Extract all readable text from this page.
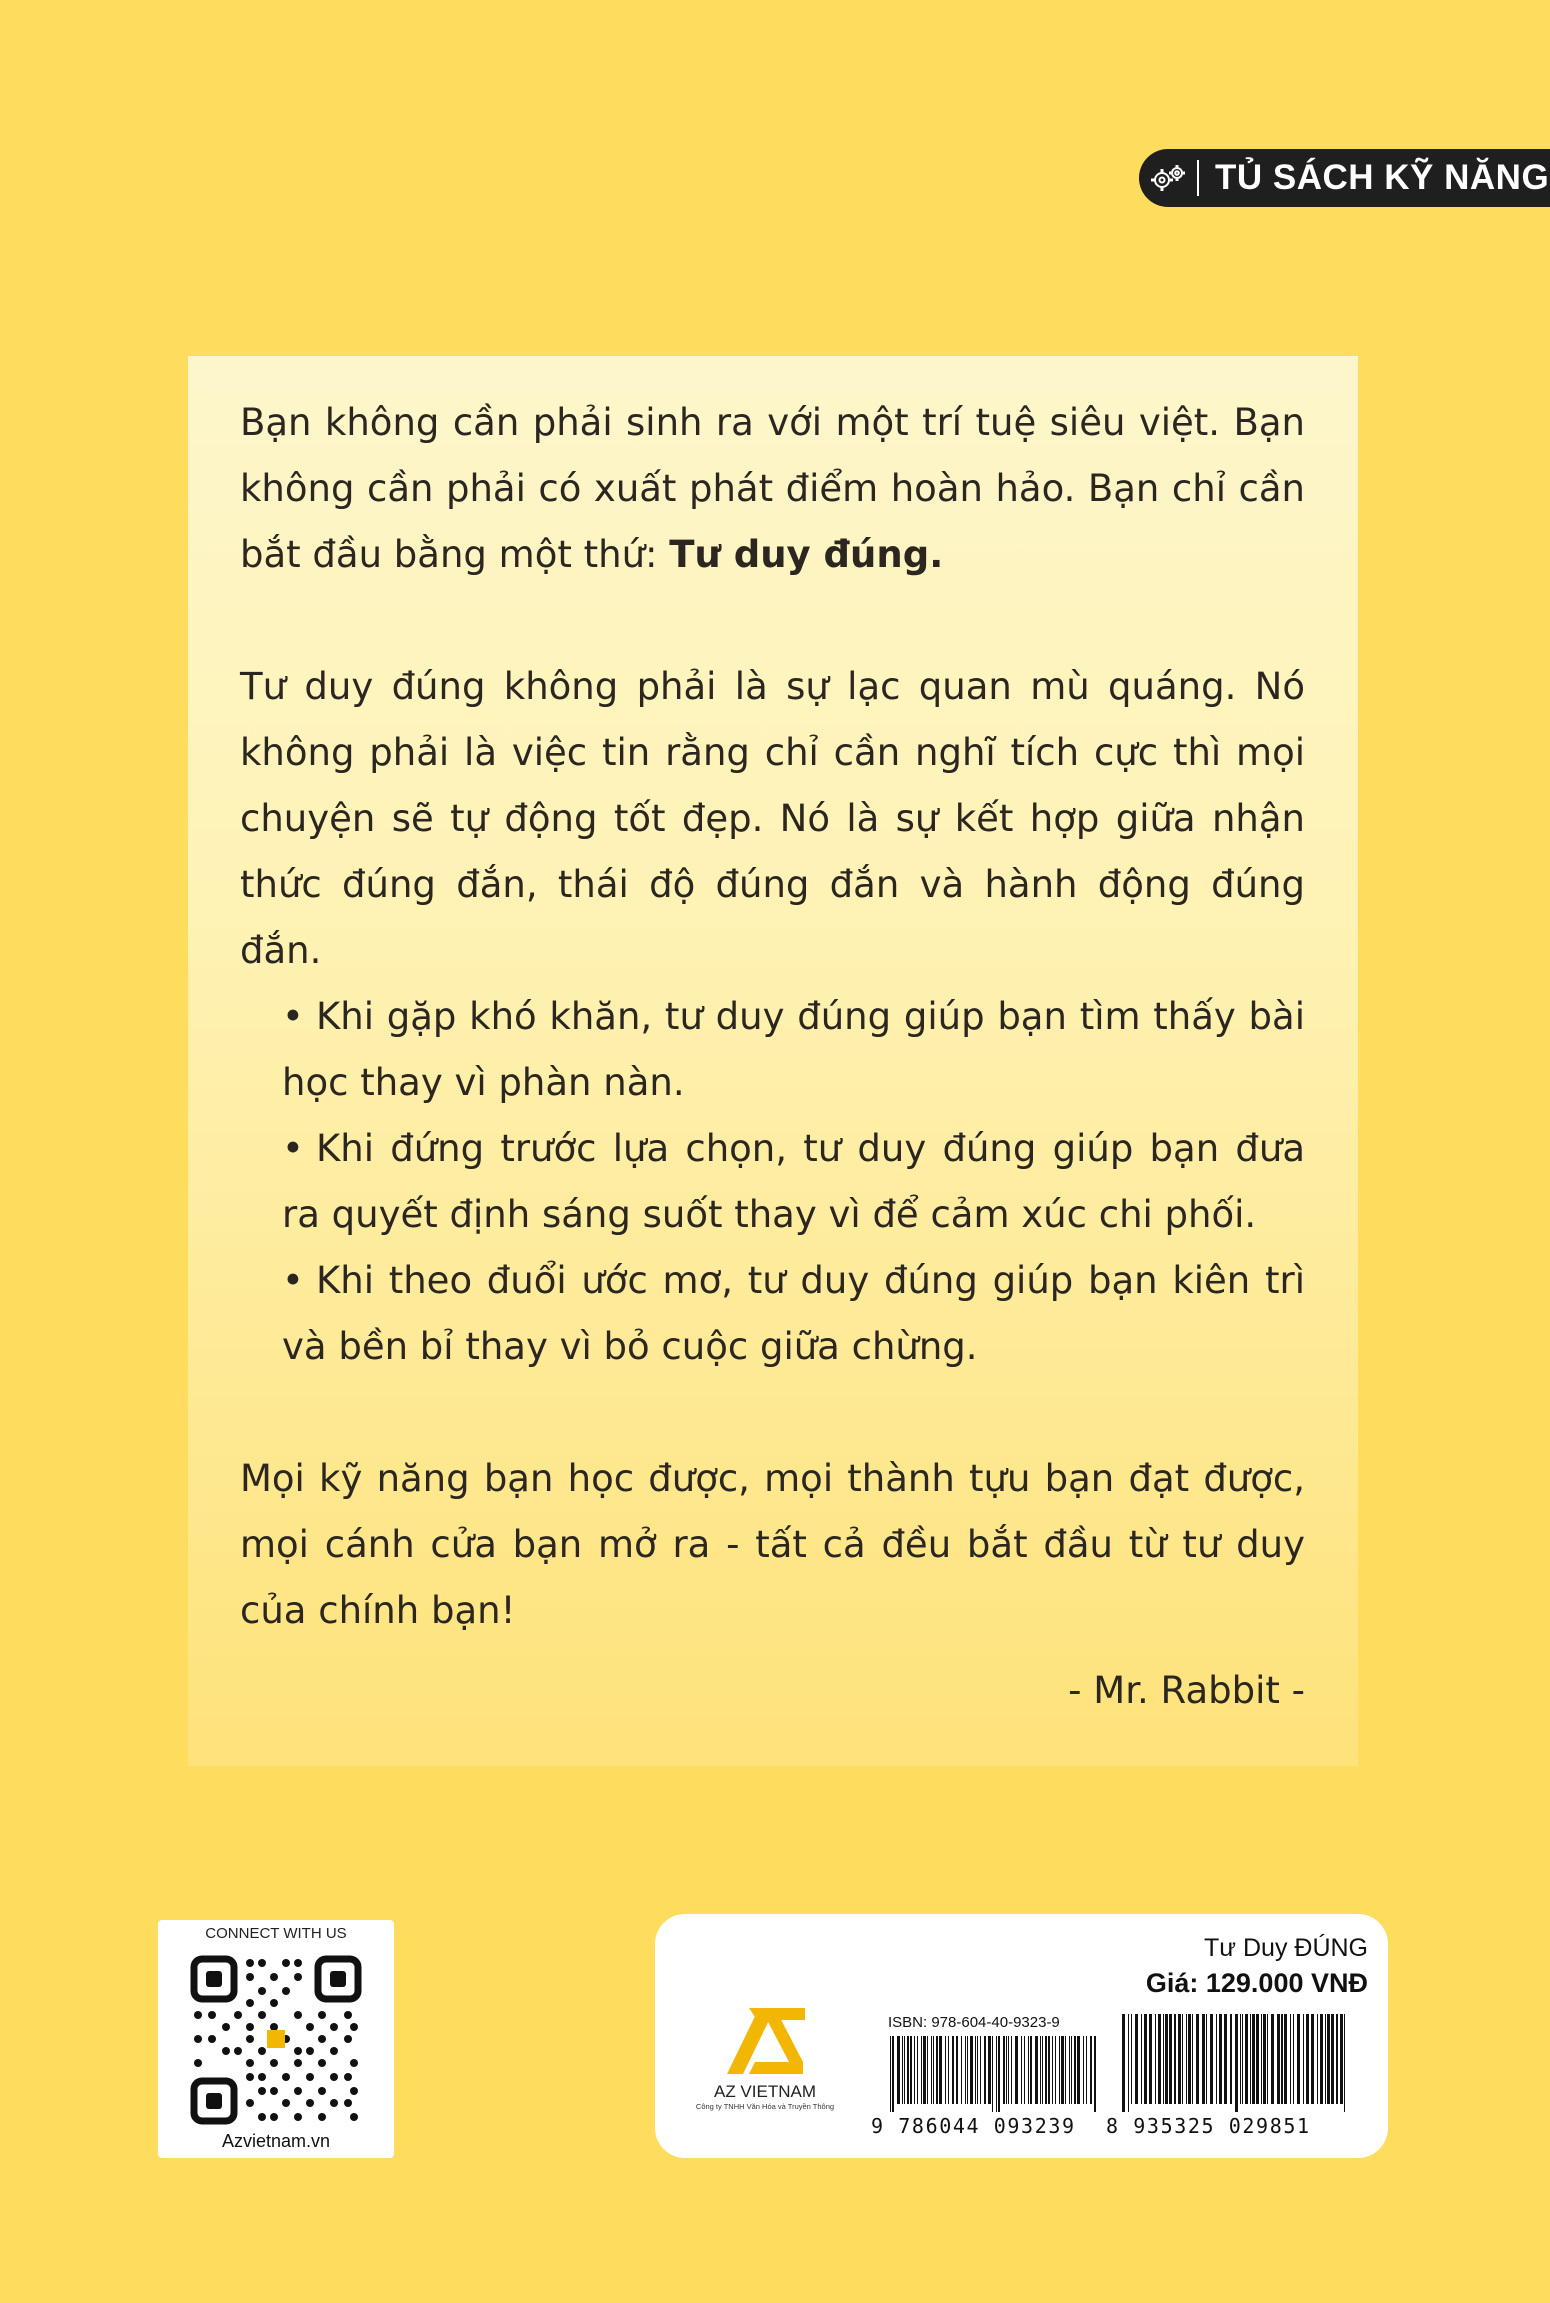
TỦ SÁCH KỸ NĂNG

Bạn không cần phải sinh ra với một trí tuệ siêu việt. Bạn không cần phải có xuất phát điểm hoàn hảo. Bạn chỉ cần bắt đầu bằng một thứ: Tư duy đúng.

Tư duy đúng không phải là sự lạc quan mù quáng. Nó không phải là việc tin rằng chỉ cần nghĩ tích cực thì mọi chuyện sẽ tự động tốt đẹp. Nó là sự kết hợp giữa nhận thức đúng đắn, thái độ đúng đắn và hành động đúng đắn.

• Khi gặp khó khăn, tư duy đúng giúp bạn tìm thấy bài học thay vì phàn nàn.
• Khi đứng trước lựa chọn, tư duy đúng giúp bạn đưa ra quyết định sáng suốt thay vì để cảm xúc chi phối.
• Khi theo đuổi ước mơ, tư duy đúng giúp bạn kiên trì và bền bỉ thay vì bỏ cuộc giữa chừng.

Mọi kỹ năng bạn học được, mọi thành tựu bạn đạt được, mọi cánh cửa bạn mở ra - tất cả đều bắt đầu từ tư duy của chính bạn!

- Mr. Rabbit -
CONNECT WITH US
Azvietnam.vn
AZ VIETNAM
Công ty TNHH Văn Hóa và Truyền Thông
Tư Duy ĐÚNG
Giá: 129.000 VNĐ
ISBN: 978-604-40-9323-9
9 786044 093239 8 935325 029851
